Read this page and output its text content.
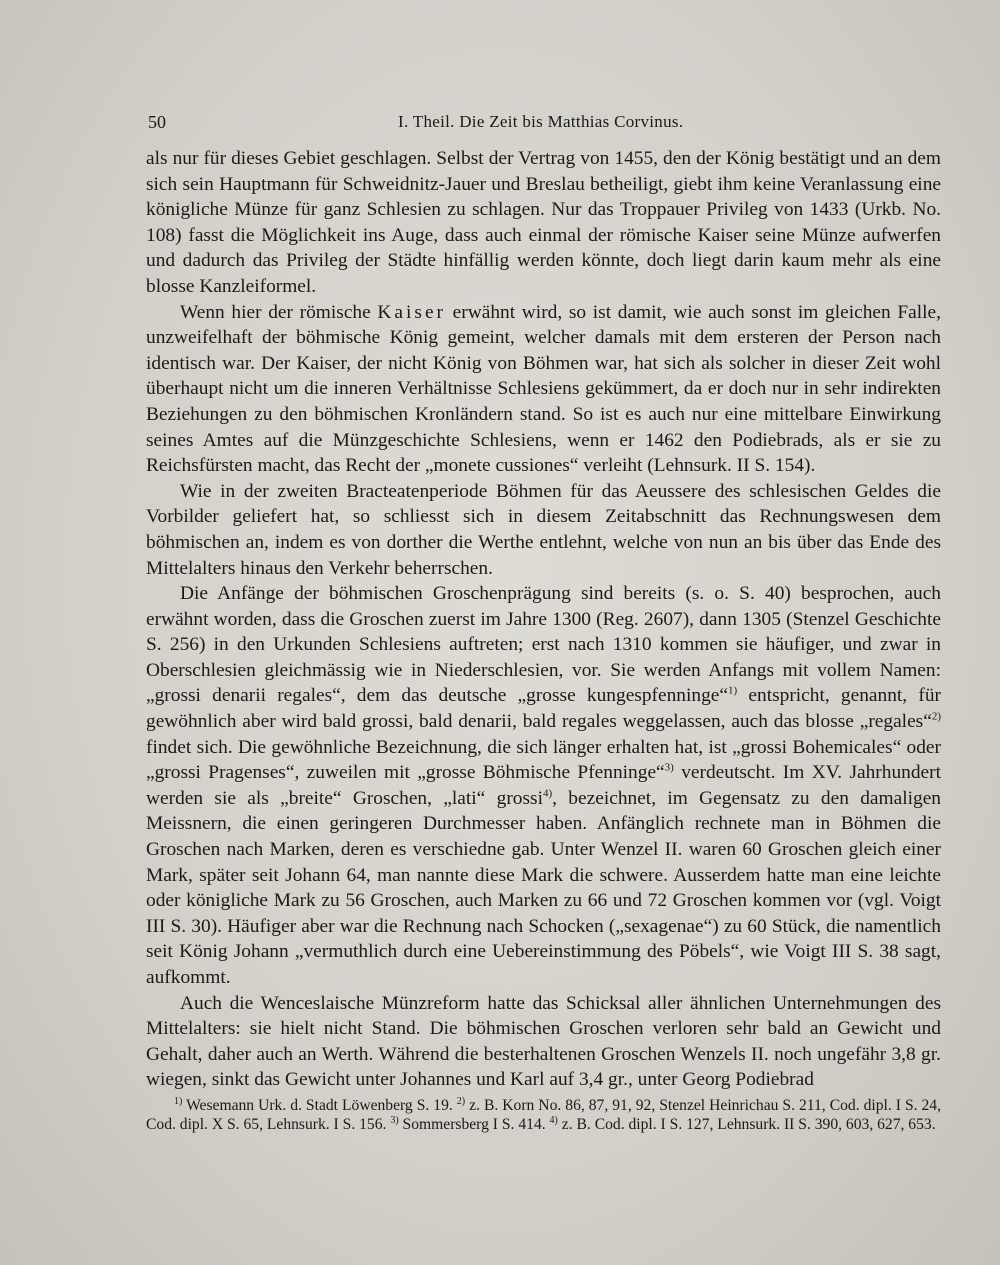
50	I. Theil. Die Zeit bis Matthias Corvinus.

als nur für dieses Gebiet geschlagen. Selbst der Vertrag von 1455, den der König bestätigt und an dem sich sein Hauptmann für Schweidnitz-Jauer und Breslau betheiligt, giebt ihm keine Veranlassung eine königliche Münze für ganz Schlesien zu schlagen. Nur das Troppauer Privileg von 1433 (Urkb. No. 108) fasst die Möglichkeit ins Auge, dass auch einmal der römische Kaiser seine Münze aufwerfen und dadurch das Privileg der Städte hinfällig werden könnte, doch liegt darin kaum mehr als eine blosse Kanzleiformel.

Wenn hier der römische Kaiser erwähnt wird, so ist damit, wie auch sonst im gleichen Falle, unzweifelhaft der böhmische König gemeint, welcher damals mit dem ersteren der Person nach identisch war. Der Kaiser, der nicht König von Böhmen war, hat sich als solcher in dieser Zeit wohl überhaupt nicht um die inneren Verhältnisse Schlesiens gekümmert, da er doch nur in sehr indirekten Beziehungen zu den böhmischen Kronländern stand. So ist es auch nur eine mittelbare Einwirkung seines Amtes auf die Münzgeschichte Schlesiens, wenn er 1462 den Podiebrads, als er sie zu Reichsfürsten macht, das Recht der „monete cussiones“ verleiht (Lehnsurk. II S. 154).

Wie in der zweiten Bracteatenperiode Böhmen für das Aeussere des schlesischen Geldes die Vorbilder geliefert hat, so schliesst sich in diesem Zeitabschnitt das Rechnungswesen dem böhmischen an, indem es von dorther die Werthe entlehnt, welche von nun an bis über das Ende des Mittelalters hinaus den Verkehr beherrschen.

Die Anfänge der böhmischen Groschenprägung sind bereits (s. o. S. 40) besprochen, auch erwähnt worden, dass die Groschen zuerst im Jahre 1300 (Reg. 2607), dann 1305 (Stenzel Geschichte S. 256) in den Urkunden Schlesiens auftreten; erst nach 1310 kommen sie häufiger, und zwar in Oberschlesien gleichmässig wie in Niederschlesien, vor. Sie werden Anfangs mit vollem Namen: „grossi denarii regales“, dem das deutsche „grosse kungespfenninge“$^{1)}$ entspricht, genannt, für gewöhnlich aber wird bald grossi, bald denarii, bald regales weggelassen, auch das blosse „regales“$^{2)}$ findet sich. Die gewöhnliche Bezeichnung, die sich länger erhalten hat, ist „grossi Bohemicales“ oder „grossi Pragenses“, zuweilen mit „grosse Böhmische Pfenninge“$^{3)}$ verdeutscht. Im XV. Jahrhundert werden sie als „breite“ Groschen, „lati“ grossi$^{4)}$, bezeichnet, im Gegensatz zu den damaligen Meissnern, die einen geringeren Durchmesser haben. Anfänglich rechnete man in Böhmen die Groschen nach Marken, deren es verschiedne gab. Unter Wenzel II. waren 60 Groschen gleich einer Mark, später seit Johann 64, man nannte diese Mark die schwere. Ausserdem hatte man eine leichte oder königliche Mark zu 56 Groschen, auch Marken zu 66 und 72 Groschen kommen vor (vgl. Voigt III S. 30). Häufiger aber war die Rechnung nach Schocken („sexagenae“) zu 60 Stück, die namentlich seit König Johann „vermuthlich durch eine Uebereinstimmung des Pöbels“, wie Voigt III S. 38 sagt, aufkommt.

Auch die Wenceslaische Münzreform hatte das Schicksal aller ähnlichen Unternehmungen des Mittelalters: sie hielt nicht Stand. Die böhmischen Groschen verloren sehr bald an Gewicht und Gehalt, daher auch an Werth. Während die besterhaltenen Groschen Wenzels II. noch ungefähr 3,8 gr. wiegen, sinkt das Gewicht unter Johannes und Karl auf 3,4 gr., unter Georg Podiebrad

$^{1)}$ Wesemann Urk. d. Stadt Löwenberg S. 19. $^{2)}$ z. B. Korn No. 86, 87, 91, 92, Stenzel Heinrichau S. 211, Cod. dipl. I S. 24, Cod. dipl. X S. 65, Lehnsurk. I S. 156. $^{3)}$ Sommersberg I S. 414. $^{4)}$ z. B. Cod. dipl. I S. 127, Lehnsurk. II S. 390, 603, 627, 653.
